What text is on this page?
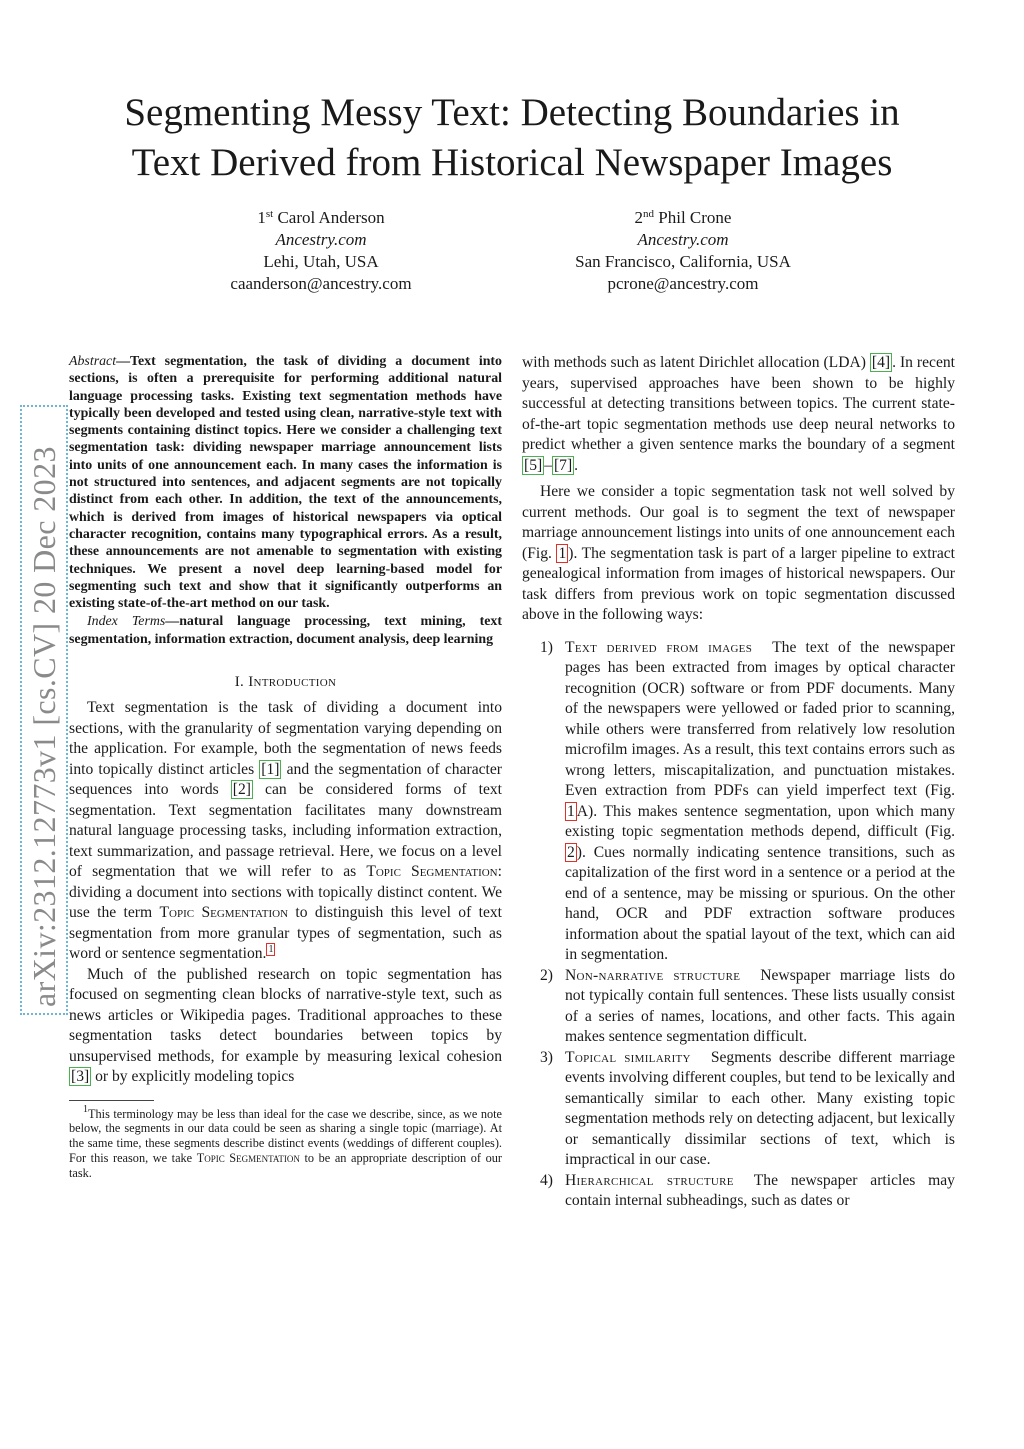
Segmenting Messy Text: Detecting Boundaries in
Text Derived from Historical Newspaper Images
1st Carol Anderson
Ancestry.com
Lehi, Utah, USA
caanderson@ancestry.com
2nd Phil Crone
Ancestry.com
San Francisco, California, USA
pcrone@ancestry.com
arXiv:2312.12773v1 [cs.CV] 20 Dec 2023

Abstract—Text segmentation, the task of dividing a document into sections, is often a prerequisite for performing additional natural language processing tasks. Existing text segmentation methods have typically been developed and tested using clean, narrative-style text with segments containing distinct topics. Here we consider a challenging text segmentation task: dividing newspaper marriage announcement lists into units of one announcement each. In many cases the information is not structured into sentences, and adjacent segments are not topically distinct from each other. In addition, the text of the announcements, which is derived from images of historical newspapers via optical character recognition, contains many typographical errors. As a result, these announcements are not amenable to segmentation with existing techniques. We present a novel deep learning-based model for segmenting such text and show that it significantly outperforms an existing state-of-the-art method on our task.

Index Terms—natural language processing, text mining, text segmentation, information extraction, document analysis, deep learning

I. Introduction

Text segmentation is the task of dividing a document into sections, with the granularity of segmentation varying depending on the application. For example, both the segmentation of news feeds into topically distinct articles [1] and the segmentation of character sequences into words [2] can be considered forms of text segmentation. Text segmentation facilitates many downstream natural language processing tasks, including information extraction, text summarization, and passage retrieval. Here, we focus on a level of segmentation that we will refer to as Topic Segmentation: dividing a document into sections with topically distinct content. We use the term Topic Segmentation to distinguish this level of text segmentation from more granular types of segmentation, such as word or sentence segmentation. $^1$

Much of the published research on topic segmentation has focused on segmenting clean blocks of narrative-style text, such as news articles or Wikipedia pages. Traditional approaches to these segmentation tasks detect boundaries between topics by unsupervised methods, for example by measuring lexical cohesion [3] or by explicitly modeling topics

$^1$This terminology may be less than ideal for the case we describe, since, as we note below, the segments in our data could be seen as sharing a single topic (marriage). At the same time, these segments describe distinct events (weddings of different couples). For this reason, we take Topic Segmentation to be an appropriate description of our task.

with methods such as latent Dirichlet allocation (LDA) [4] . In recent years, supervised approaches have been shown to be highly successful at detecting transitions between topics. The current state-of-the-art topic segmentation methods use deep neural networks to predict whether a given sentence marks the boundary of a segment [5] – [7] .

Here we consider a topic segmentation task not well solved by current methods. Our goal is to segment the text of newspaper marriage announcement listings into units of one announcement each (Fig. 1 ). The segmentation task is part of a larger pipeline to extract genealogical information from images of historical newspapers. Our task differs from previous work on topic segmentation discussed above in the following ways:

1) Text derived from images The text of the newspaper pages has been extracted from images by optical character recognition (OCR) software or from PDF documents. Many of the newspapers were yellowed or faded prior to scanning, while others were transferred from relatively low resolution microfilm images. As a result, this text contains errors such as wrong letters, miscapitalization, and punctuation mistakes. Even extraction from PDFs can yield imperfect text (Fig. 1 A). This makes sentence segmentation, upon which many existing topic segmentation methods depend, difficult (Fig. 2 ). Cues normally indicating sentence transitions, such as capitalization of the first word in a sentence or a period at the end of a sentence, may be missing or spurious. On the other hand, OCR and PDF extraction software produces information about the spatial layout of the text, which can aid in segmentation.
2) Non-narrative structure Newspaper marriage lists do not typically contain full sentences. These lists usually consist of a series of names, locations, and other facts. This again makes sentence segmentation difficult.
3) Topical similarity Segments describe different marriage events involving different couples, but tend to be lexically and semantically similar to each other. Many existing topic segmentation methods rely on detecting adjacent, but lexically or semantically dissimilar sections of text, which is impractical in our case.
4) Hierarchical structure The newspaper articles may contain internal subheadings, such as dates or
